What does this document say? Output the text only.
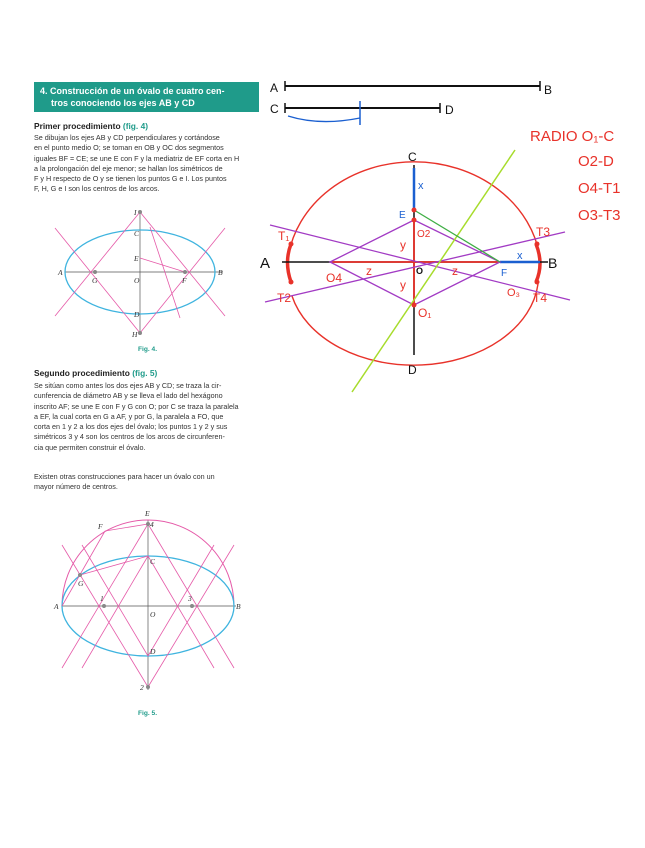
4. Construcción de un óvalo de cuatro cen-
tros conociendo los ejes AB y CD
Primer procedimiento (fig. 4)
Se dibujan los ejes AB y CD perpendiculares y cortándose
en el punto medio O; se toman en OB y OC dos segmentos
iguales BF = CE; se une E con F y la mediatriz de EF corta en H
a la prolongación del eje menor; se hallan los simétricos de
F y H respecto de O y se tienen los puntos G e I. Los puntos
F, H, G e I son los centros de los arcos.
Fig. 4.
Segundo procedimiento (fig. 5)
Se sitúan como antes los dos ejes AB y CD; se traza la cir-
cunferencia de diámetro AB y se lleva el lado del hexágono
inscrito AF; se une E con F y G con O; por C se traza la paralela
a EF, la cual corta en G a AF, y por G, la paralela a FO, que
corta en 1 y 2 a los dos ejes del óvalo; los puntos 1 y 2 y sus
simétricos 3 y 4 son los centros de los arcos de circunferen-
cia que permiten construir el óvalo.
Existen otras construcciones para hacer un óvalo con un
mayor número de centros.
Fig. 5.
A	B
C
D
E
F
G	O
H
I
A	B
C
D
E
F
G
O
1	3
4
2
A	B
C	D
C
D
A	B
E
F
O
O4
O₁
O2
O₃
T₁
T2
T3
T4
x
x
y
y
z	z
RADIO O₁-C
O2-D
O4-T1
O3-T3
